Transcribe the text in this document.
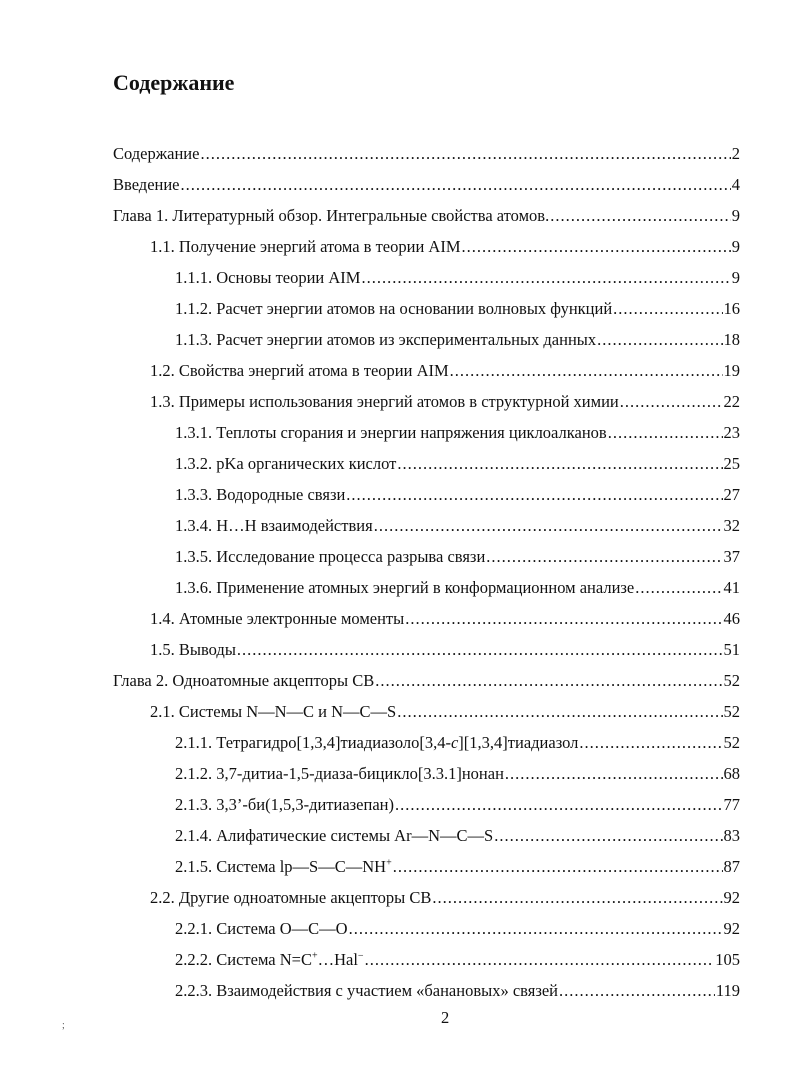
Содержание
Содержание .....	2
Введение .....	4
Глава 1. Литературный обзор. Интегральные свойства атомов. .....	9
1.1. Получение энергий атома в теории AIM .....	9
1.1.1. Основы теории AIM .....	9
1.1.2. Расчет энергии атомов на основании волновых функций .....	16
1.1.3. Расчет энергии атомов из экспериментальных данных .....	18
1.2. Свойства энергий атома в теории AIM .....	19
1.3. Примеры использования энергий атомов в структурной химии .....	22
1.3.1. Теплоты сгорания и энергии напряжения циклоалканов .....	23
1.3.2. pKa органических кислот .....	25
1.3.3. Водородные связи .....	27
1.3.4. H…H взаимодействия .....	32
1.3.5. Исследование процесса разрыва связи .....	37
1.3.6. Применение атомных энергий в конформационном анализе .....	41
1.4. Атомные электронные моменты .....	46
1.5. Выводы .....	51
Глава 2. Одноатомные акцепторы СВ .....	52
2.1. Системы N—N—C и N—C—S .....	52
2.1.1. Тетрагидро[1,3,4]тиадиазоло[3,4-c][1,3,4]тиадиазол .....	52
2.1.2. 3,7-дитиа-1,5-диаза-бицикло[3.3.1]нонан .....	68
2.1.3. 3,3’-би(1,5,3-дитиазепан) .....	77
2.1.4. Алифатические системы Ar—N—C—S .....	83
2.1.5. Система lp—S—C—NH+ .....	87
2.2. Другие одноатомные акцепторы СВ .....	92
2.2.1. Система O—C—O .....	92
2.2.2. Система N=C+…Hal− .....	105
2.2.3. Взаимодействия с участием «банановых» связей .....	119
2
;
